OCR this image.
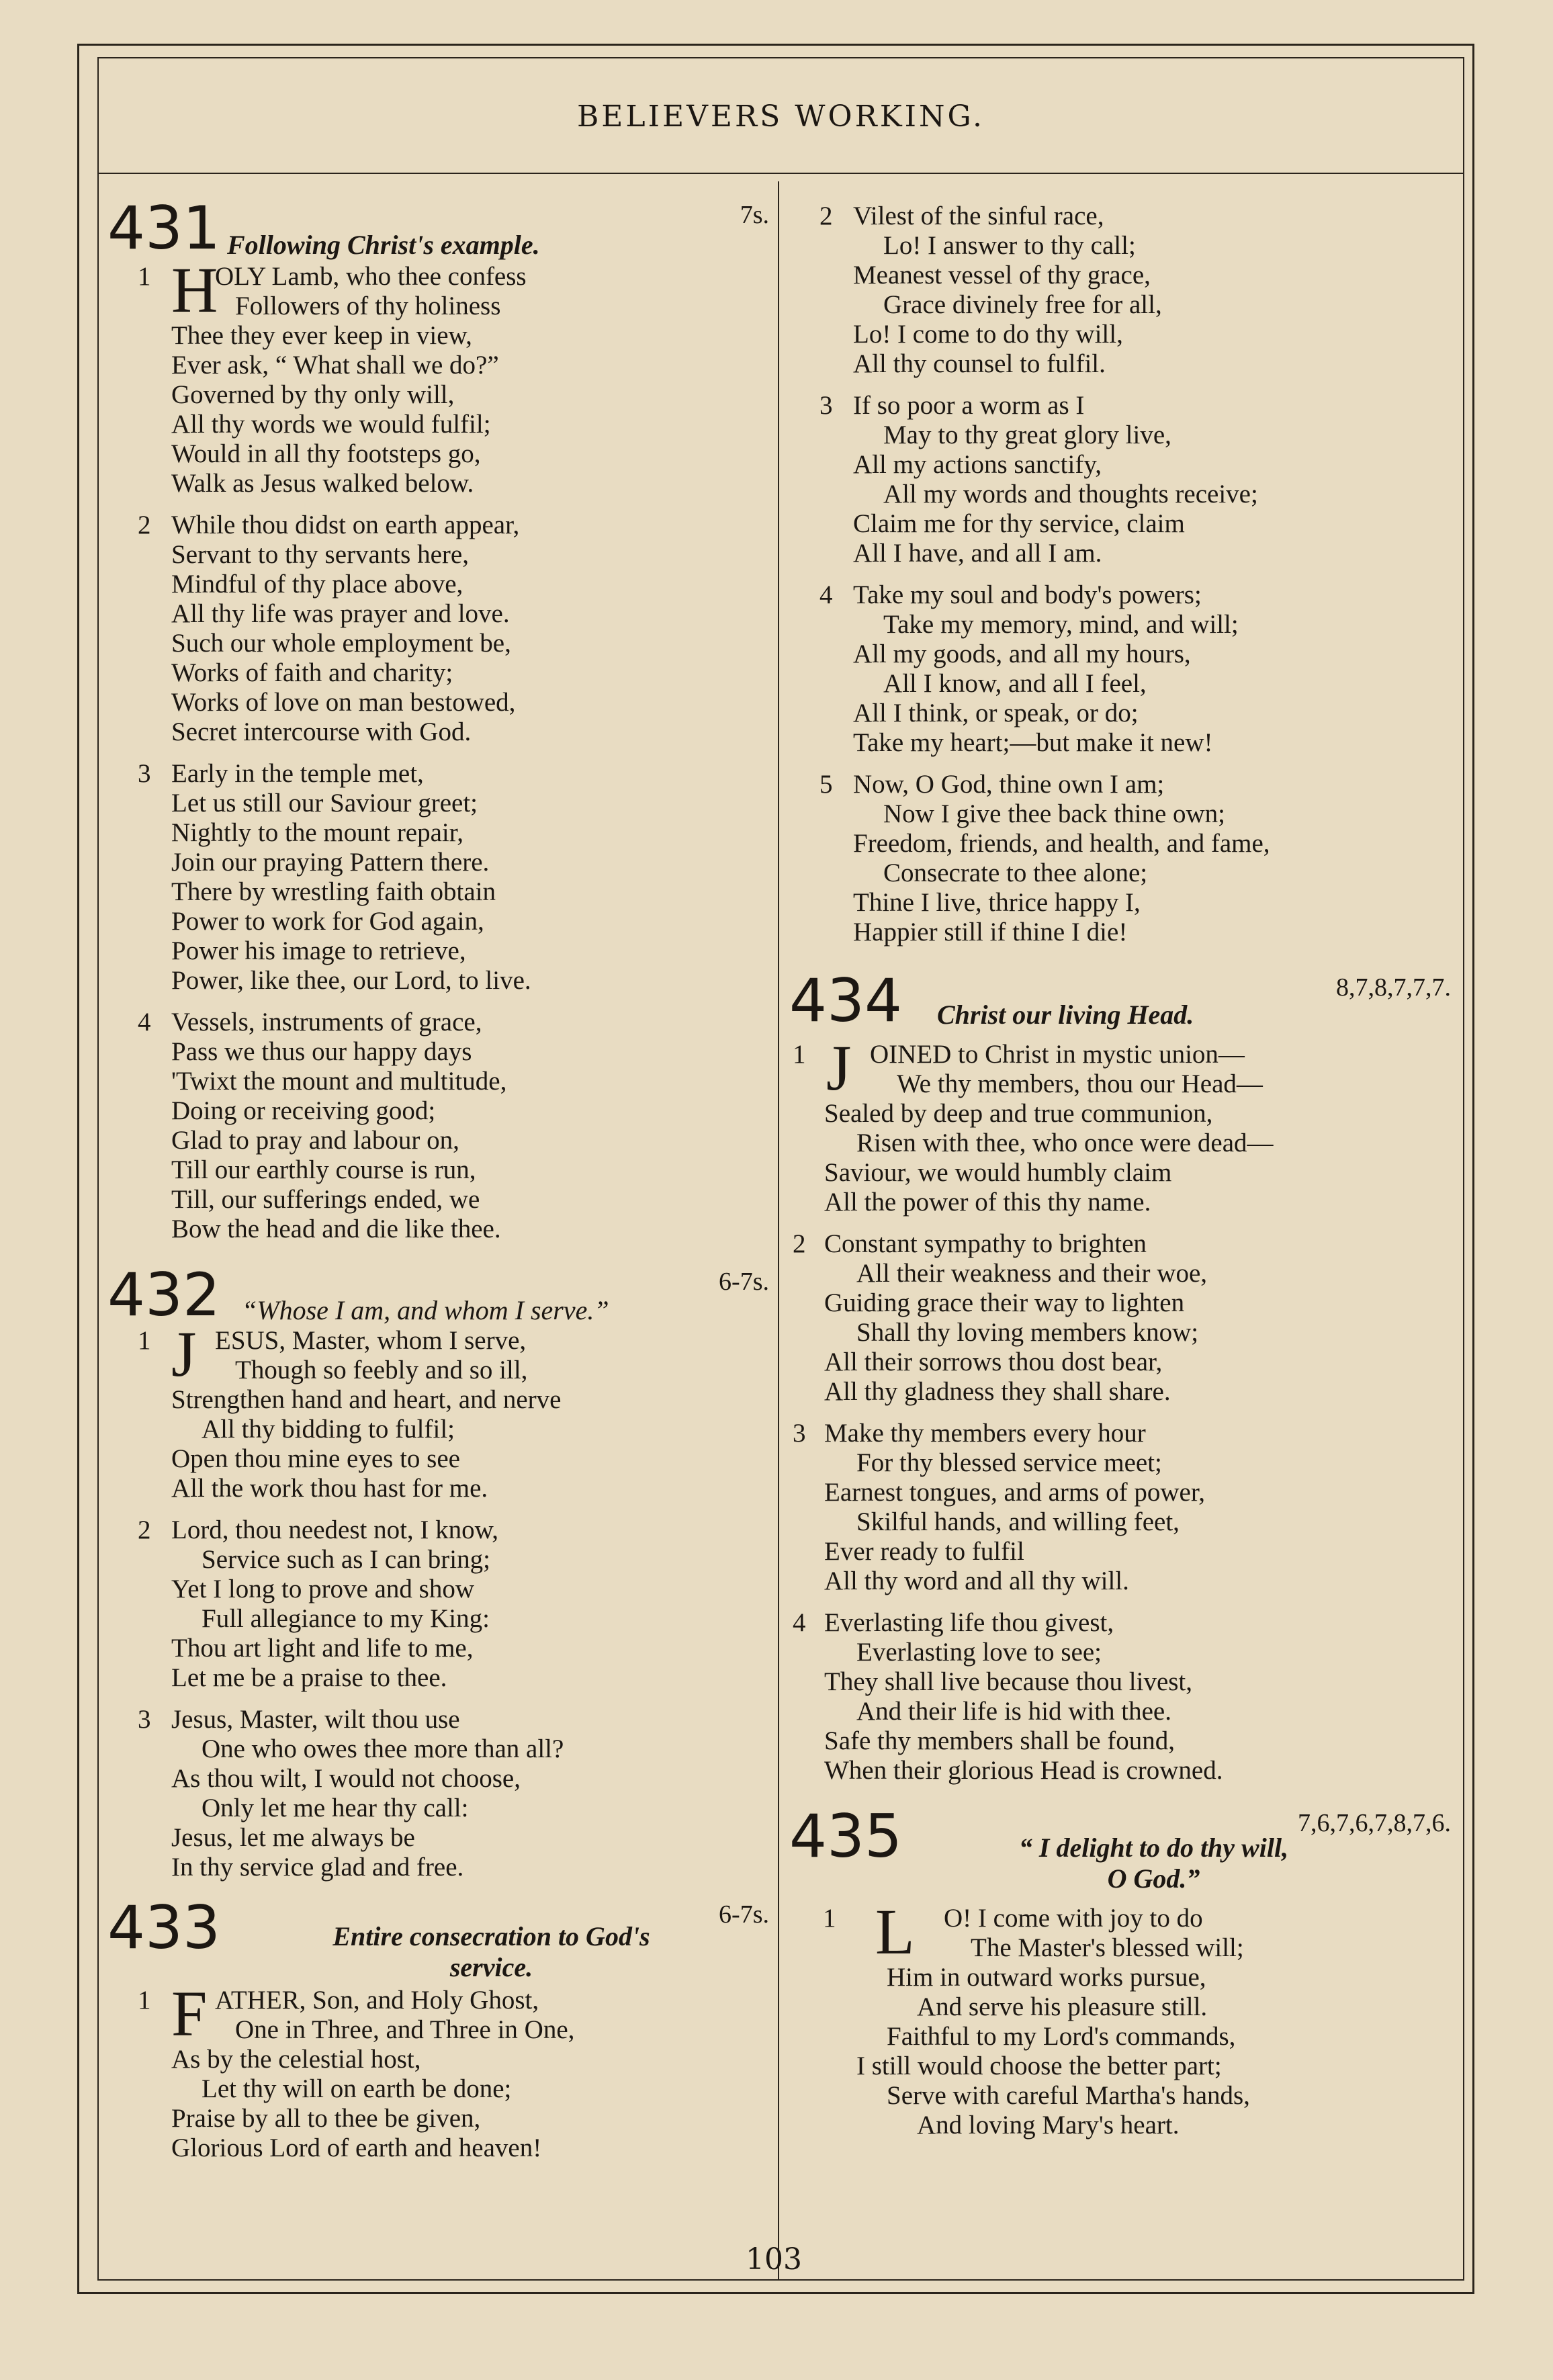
BELIEVERS WORKING.
431	7s.
Following Christ's example.
1 H
OLY Lamb, who thee confess
Followers of thy holiness
Thee they ever keep in view,
Ever ask, “ What shall we do?”
Governed by thy only will,
All thy words we would fulfil;
Would in all thy footsteps go,
Walk as Jesus walked below.
2 While thou didst on earth appear,
Servant to thy servants here,
Mindful of thy place above,
All thy life was prayer and love.
Such our whole employment be,
Works of faith and charity;
Works of love on man bestowed,
Secret intercourse with God.
3 Early in the temple met,
Let us still our Saviour greet;
Nightly to the mount repair,
Join our praying Pattern there.
There by wrestling faith obtain
Power to work for God again,
Power his image to retrieve,
Power, like thee, our Lord, to live.
4 Vessels, instruments of grace,
Pass we thus our happy days
'Twixt the mount and multitude,
Doing or receiving good;
Glad to pray and labour on,
Till our earthly course is run,
Till, our sufferings ended, we
Bow the head and die like thee.
432	6-7s.
“Whose I am, and whom I serve.”
1 J ESUS, Master, whom I serve,
Though so feebly and so ill,
Strengthen hand and heart, and nerve
All thy bidding to fulfil;
Open thou mine eyes to see
All the work thou hast for me.
2 Lord, thou needest not, I know,
Service such as I can bring;
Yet I long to prove and show
Full allegiance to my King:
Thou art light and life to me,
Let me be a praise to thee.
3 Jesus, Master, wilt thou use
One who owes thee more than all?
As thou wilt, I would not choose,
Only let me hear thy call:
Jesus, let me always be
In thy service glad and free.
433	6-7s.
Entire consecration to God's
service.
1 F ATHER, Son, and Holy Ghost,
One in Three, and Three in One,
As by the celestial host,
Let thy will on earth be done;
Praise by all to thee be given,
Glorious Lord of earth and heaven!
2 Vilest of the sinful race,
Lo! I answer to thy call;
Meanest vessel of thy grace,
Grace divinely free for all,
Lo! I come to do thy will,
All thy counsel to fulfil.
3 If so poor a worm as I
May to thy great glory live,
All my actions sanctify,
All my words and thoughts receive;
Claim me for thy service, claim
All I have, and all I am.
4 Take my soul and body's powers;
Take my memory, mind, and will;
All my goods, and all my hours,
All I know, and all I feel,
All I think, or speak, or do;
Take my heart;—but make it new!
5 Now, O God, thine own I am;
Now I give thee back thine own;
Freedom, friends, and health, and fame,
Consecrate to thee alone;
Thine I live, thrice happy I,
Happier still if thine I die!
434	8,7,8,7,7,7.
Christ our living Head.
1 J OINED to Christ in mystic union—
We thy members, thou our Head—
Sealed by deep and true communion,
Risen with thee, who once were dead—
Saviour, we would humbly claim
All the power of this thy name.
2 Constant sympathy to brighten
All their weakness and their woe,
Guiding grace their way to lighten
Shall thy loving members know;
All their sorrows thou dost bear,
All thy gladness they shall share.
3 Make thy members every hour
For thy blessed service meet;
Earnest tongues, and arms of power,
Skilful hands, and willing feet,
Ever ready to fulfil
All thy word and all thy will.
4 Everlasting life thou givest,
Everlasting love to see;
They shall live because thou livest,
And their life is hid with thee.
Safe thy members shall be found,
When their glorious Head is crowned.
435	7,6,7,6,7,8,7,6.
“ I delight to do thy will,
O God.”
1 L	O! I come with joy to do
The Master's blessed will;
Him in outward works pursue,
And serve his pleasure still.
Faithful to my Lord's commands,
I still would choose the better part;
Serve with careful Martha's hands,
And loving Mary's heart.
103
